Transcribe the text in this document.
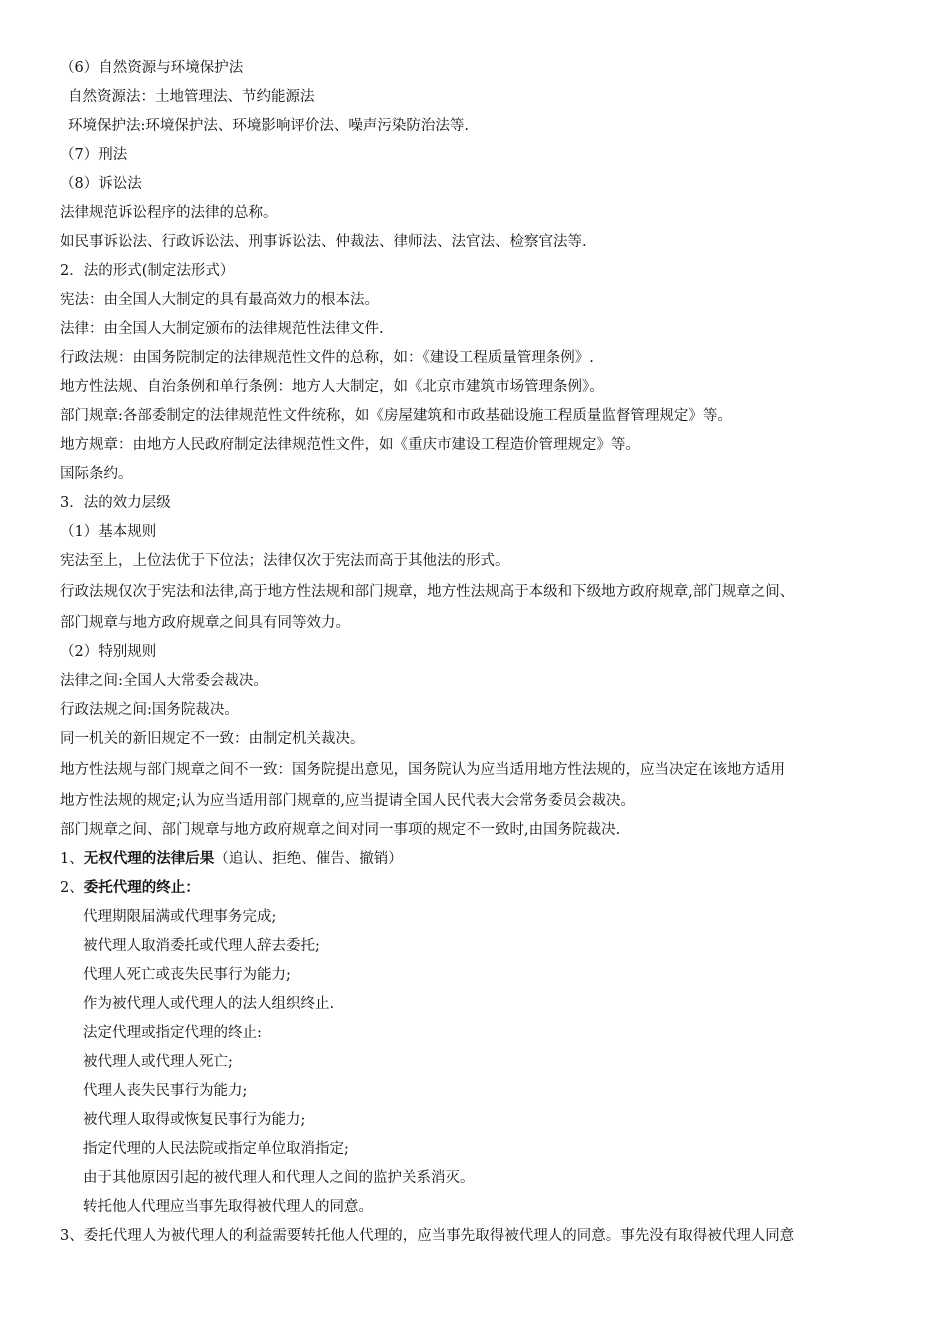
（6）自然资源与环境保护法
自然资源法：土地管理法、节约能源法
环境保护法:环境保护法、环境影响评价法、噪声污染防治法等.
（7）刑法
（8）诉讼法
法律规范诉讼程序的法律的总称。
如民事诉讼法、行政诉讼法、刑事诉讼法、仲裁法、律师法、法官法、检察官法等.
2．法的形式(制定法形式）
宪法：由全国人大制定的具有最高效力的根本法。
法律：由全国人大制定颁布的法律规范性法律文件.
行政法规：由国务院制定的法律规范性文件的总称，如：《建设工程质量管理条例》.
地方性法规、自治条例和单行条例：地方人大制定，如《北京市建筑市场管理条例》。
部门规章:各部委制定的法律规范性文件统称，如《房屋建筑和市政基础设施工程质量监督管理规定》等。
地方规章：由地方人民政府制定法律规范性文件，如《重庆市建设工程造价管理规定》等。
国际条约。
3．法的效力层级
（1）基本规则
宪法至上，上位法优于下位法；法律仅次于宪法而高于其他法的形式。
行政法规仅次于宪法和法律,高于地方性法规和部门规章，地方性法规高于本级和下级地方政府规章,部门规章之间、
部门规章与地方政府规章之间具有同等效力。
（2）特别规则
法律之间:全国人大常委会裁决。
行政法规之间:国务院裁决。
同一机关的新旧规定不一致：由制定机关裁决。
地方性法规与部门规章之间不一致：国务院提出意见，国务院认为应当适用地方性法规的，应当决定在该地方适用
地方性法规的规定;认为应当适用部门规章的,应当提请全国人民代表大会常务委员会裁决。
部门规章之间、部门规章与地方政府规章之间对同一事项的规定不一致时,由国务院裁决.
1、无权代理的法律后果（追认、拒绝、催告、撤销）
2、委托代理的终止：
代理期限届满或代理事务完成;
被代理人取消委托或代理人辞去委托;
代理人死亡或丧失民事行为能力;
作为被代理人或代理人的法人组织终止.
法定代理或指定代理的终止:
被代理人或代理人死亡;
代理人丧失民事行为能力;
被代理人取得或恢复民事行为能力;
指定代理的人民法院或指定单位取消指定;
由于其他原因引起的被代理人和代理人之间的监护关系消灭。
转托他人代理应当事先取得被代理人的同意。
3、委托代理人为被代理人的利益需要转托他人代理的，应当事先取得被代理人的同意。事先没有取得被代理人同意
